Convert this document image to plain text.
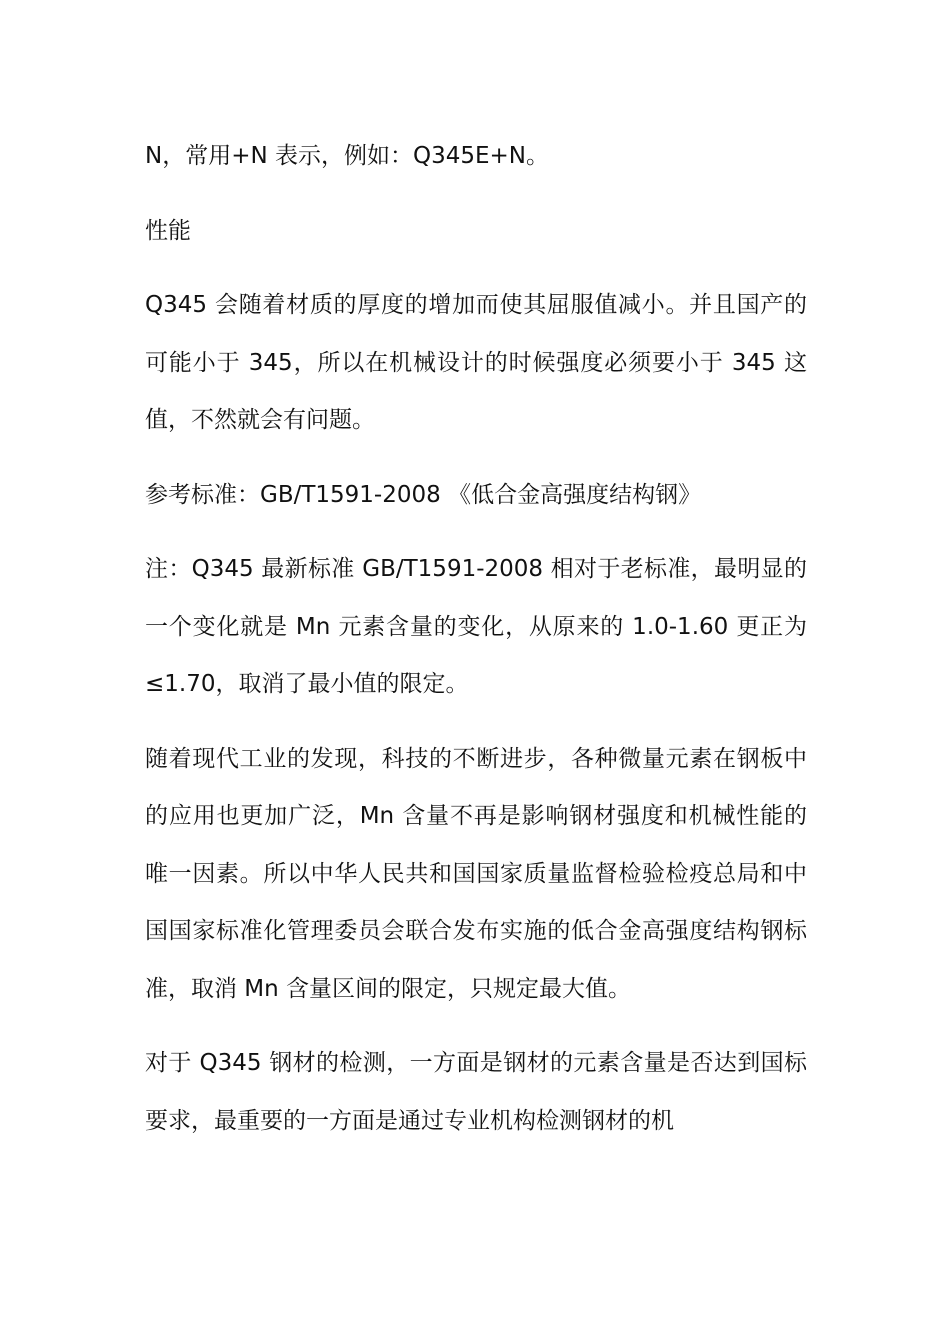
N，常用+N 表示，例如：Q345E+N。

性能

Q345 会随着材质的厚度的增加而使其屈服值减小。并且国产的可能小于 345，所以在机械设计的时候强度必须要小于 345 这值，不然就会有问题。

参考标准：GB/T1591-2008 《低合金高强度结构钢》

注：Q345 最新标准 GB/T1591-2008 相对于老标准，最明显的一个变化就是 Mn 元素含量的变化，从原来的 1.0-1.60 更正为≤1.70，取消了最小值的限定。

随着现代工业的发现，科技的不断进步，各种微量元素在钢板中的应用也更加广泛，Mn 含量不再是影响钢材强度和机械性能的唯一因素。所以中华人民共和国国家质量监督检验检疫总局和中国国家标准化管理委员会联合发布实施的低合金高强度结构钢标准，取消 Mn 含量区间的限定，只规定最大值。

对于 Q345 钢材的检测，一方面是钢材的元素含量是否达到国标要求，最重要的一方面是通过专业机构检测钢材的机
